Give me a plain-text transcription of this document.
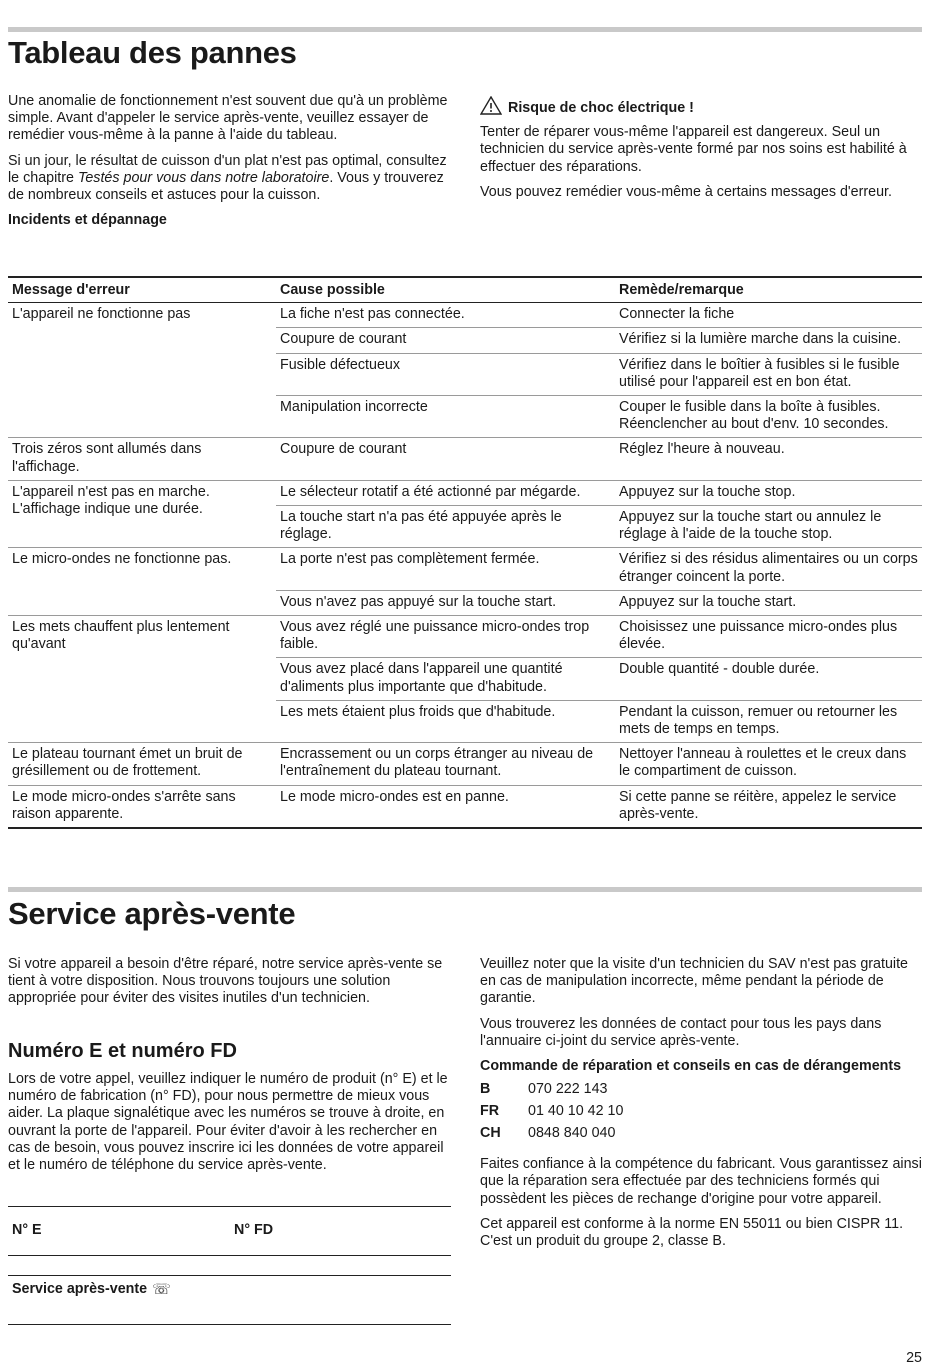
Tableau des pannes

Une anomalie de fonctionnement n'est souvent due qu'à un problème simple. Avant d'appeler le service après-vente, veuillez essayer de remédier vous-même à la panne à l'aide du tableau.

Si un jour, le résultat de cuisson d'un plat n'est pas optimal, consultez le chapitre Testés pour vous dans notre laboratoire. Vous y trouverez de nombreux conseils et astuces pour la cuisson.

Incidents et dépannage
Risque de choc électrique !

Tenter de réparer vous-même l'appareil est dangereux. Seul un technicien du service après-vente formé par nos soins est habilité à effectuer des réparations.

Vous pouvez remédier vous-même à certains messages d'erreur.

Message d'erreur	Cause possible	Remède/remarque
L'appareil ne fonctionne pas	La fiche n'est pas connectée.	Connecter la fiche
	Coupure de courant	Vérifiez si la lumière marche dans la cuisine.
	Fusible défectueux	Vérifiez dans le boîtier à fusibles si le fusible utilisé pour l'appareil est en bon état.
	Manipulation incorrecte	Couper le fusible dans la boîte à fusibles. Réenclencher au bout d'env. 10 secondes.
Trois zéros sont allumés dans l'affichage.	Coupure de courant	Réglez l'heure à nouveau.
L'appareil n'est pas en marche. L'affichage indique une durée.	Le sélecteur rotatif a été actionné par mégarde.	Appuyez sur la touche stop.
	La touche start n'a pas été appuyée après le réglage.	Appuyez sur la touche start ou annulez le réglage à l'aide de la touche stop.
Le micro-ondes ne fonctionne pas.	La porte n'est pas complètement fermée.	Vérifiez si des résidus alimentaires ou un corps étranger coincent la porte.
	Vous n'avez pas appuyé sur la touche start.	Appuyez sur la touche start.
Les mets chauffent plus lentement qu'avant	Vous avez réglé une puissance micro-ondes trop faible.	Choisissez une puissance micro-ondes plus élevée.
	Vous avez placé dans l'appareil une quantité d'aliments plus importante que d'habitude.	Double quantité - double durée.
	Les mets étaient plus froids que d'habitude.	Pendant la cuisson, remuer ou retourner les mets de temps en temps.
Le plateau tournant émet un bruit de grésillement ou de frottement.	Encrassement ou un corps étranger au niveau de l'entraînement du plateau tournant.	Nettoyer l'anneau à roulettes et le creux dans le compartiment de cuisson.
Le mode micro-ondes s'arrête sans raison apparente.	Le mode micro-ondes est en panne.	Si cette panne se réitère, appelez le service après-vente.
Service après-vente

Si votre appareil a besoin d'être réparé, notre service après-vente se tient à votre disposition. Nous trouvons toujours une solution appropriée pour éviter des visites inutiles d'un technicien.

Numéro E et numéro FD

Lors de votre appel, veuillez indiquer le numéro de produit (n° E) et le numéro de fabrication (n° FD), pour nous permettre de mieux vous aider. La plaque signalétique avec les numéros se trouve à droite, en ouvrant la porte de l'appareil. Pour éviter d'avoir à les rechercher en cas de besoin, vous pouvez inscrire ici les données de votre appareil et le numéro de téléphone du service après-vente.

N° E	N° FD
Service après-vente ☏

Veuillez noter que la visite d'un technicien du SAV n'est pas gratuite en cas de manipulation incorrecte, même pendant la période de garantie.

Vous trouverez les données de contact pour tous les pays dans l'annuaire ci-joint du service après-vente.

Commande de réparation et conseils en cas de dérangements
B	070 222 143
FR	01 40 10 42 10
CH	0848 840 040

Faites confiance à la compétence du fabricant. Vous garantissez ainsi que la réparation sera effectuée par des techniciens formés qui possèdent les pièces de rechange d'origine pour votre appareil.

Cet appareil est conforme à la norme EN 55011 ou bien CISPR 11. C'est un produit du groupe 2, classe B.

25
